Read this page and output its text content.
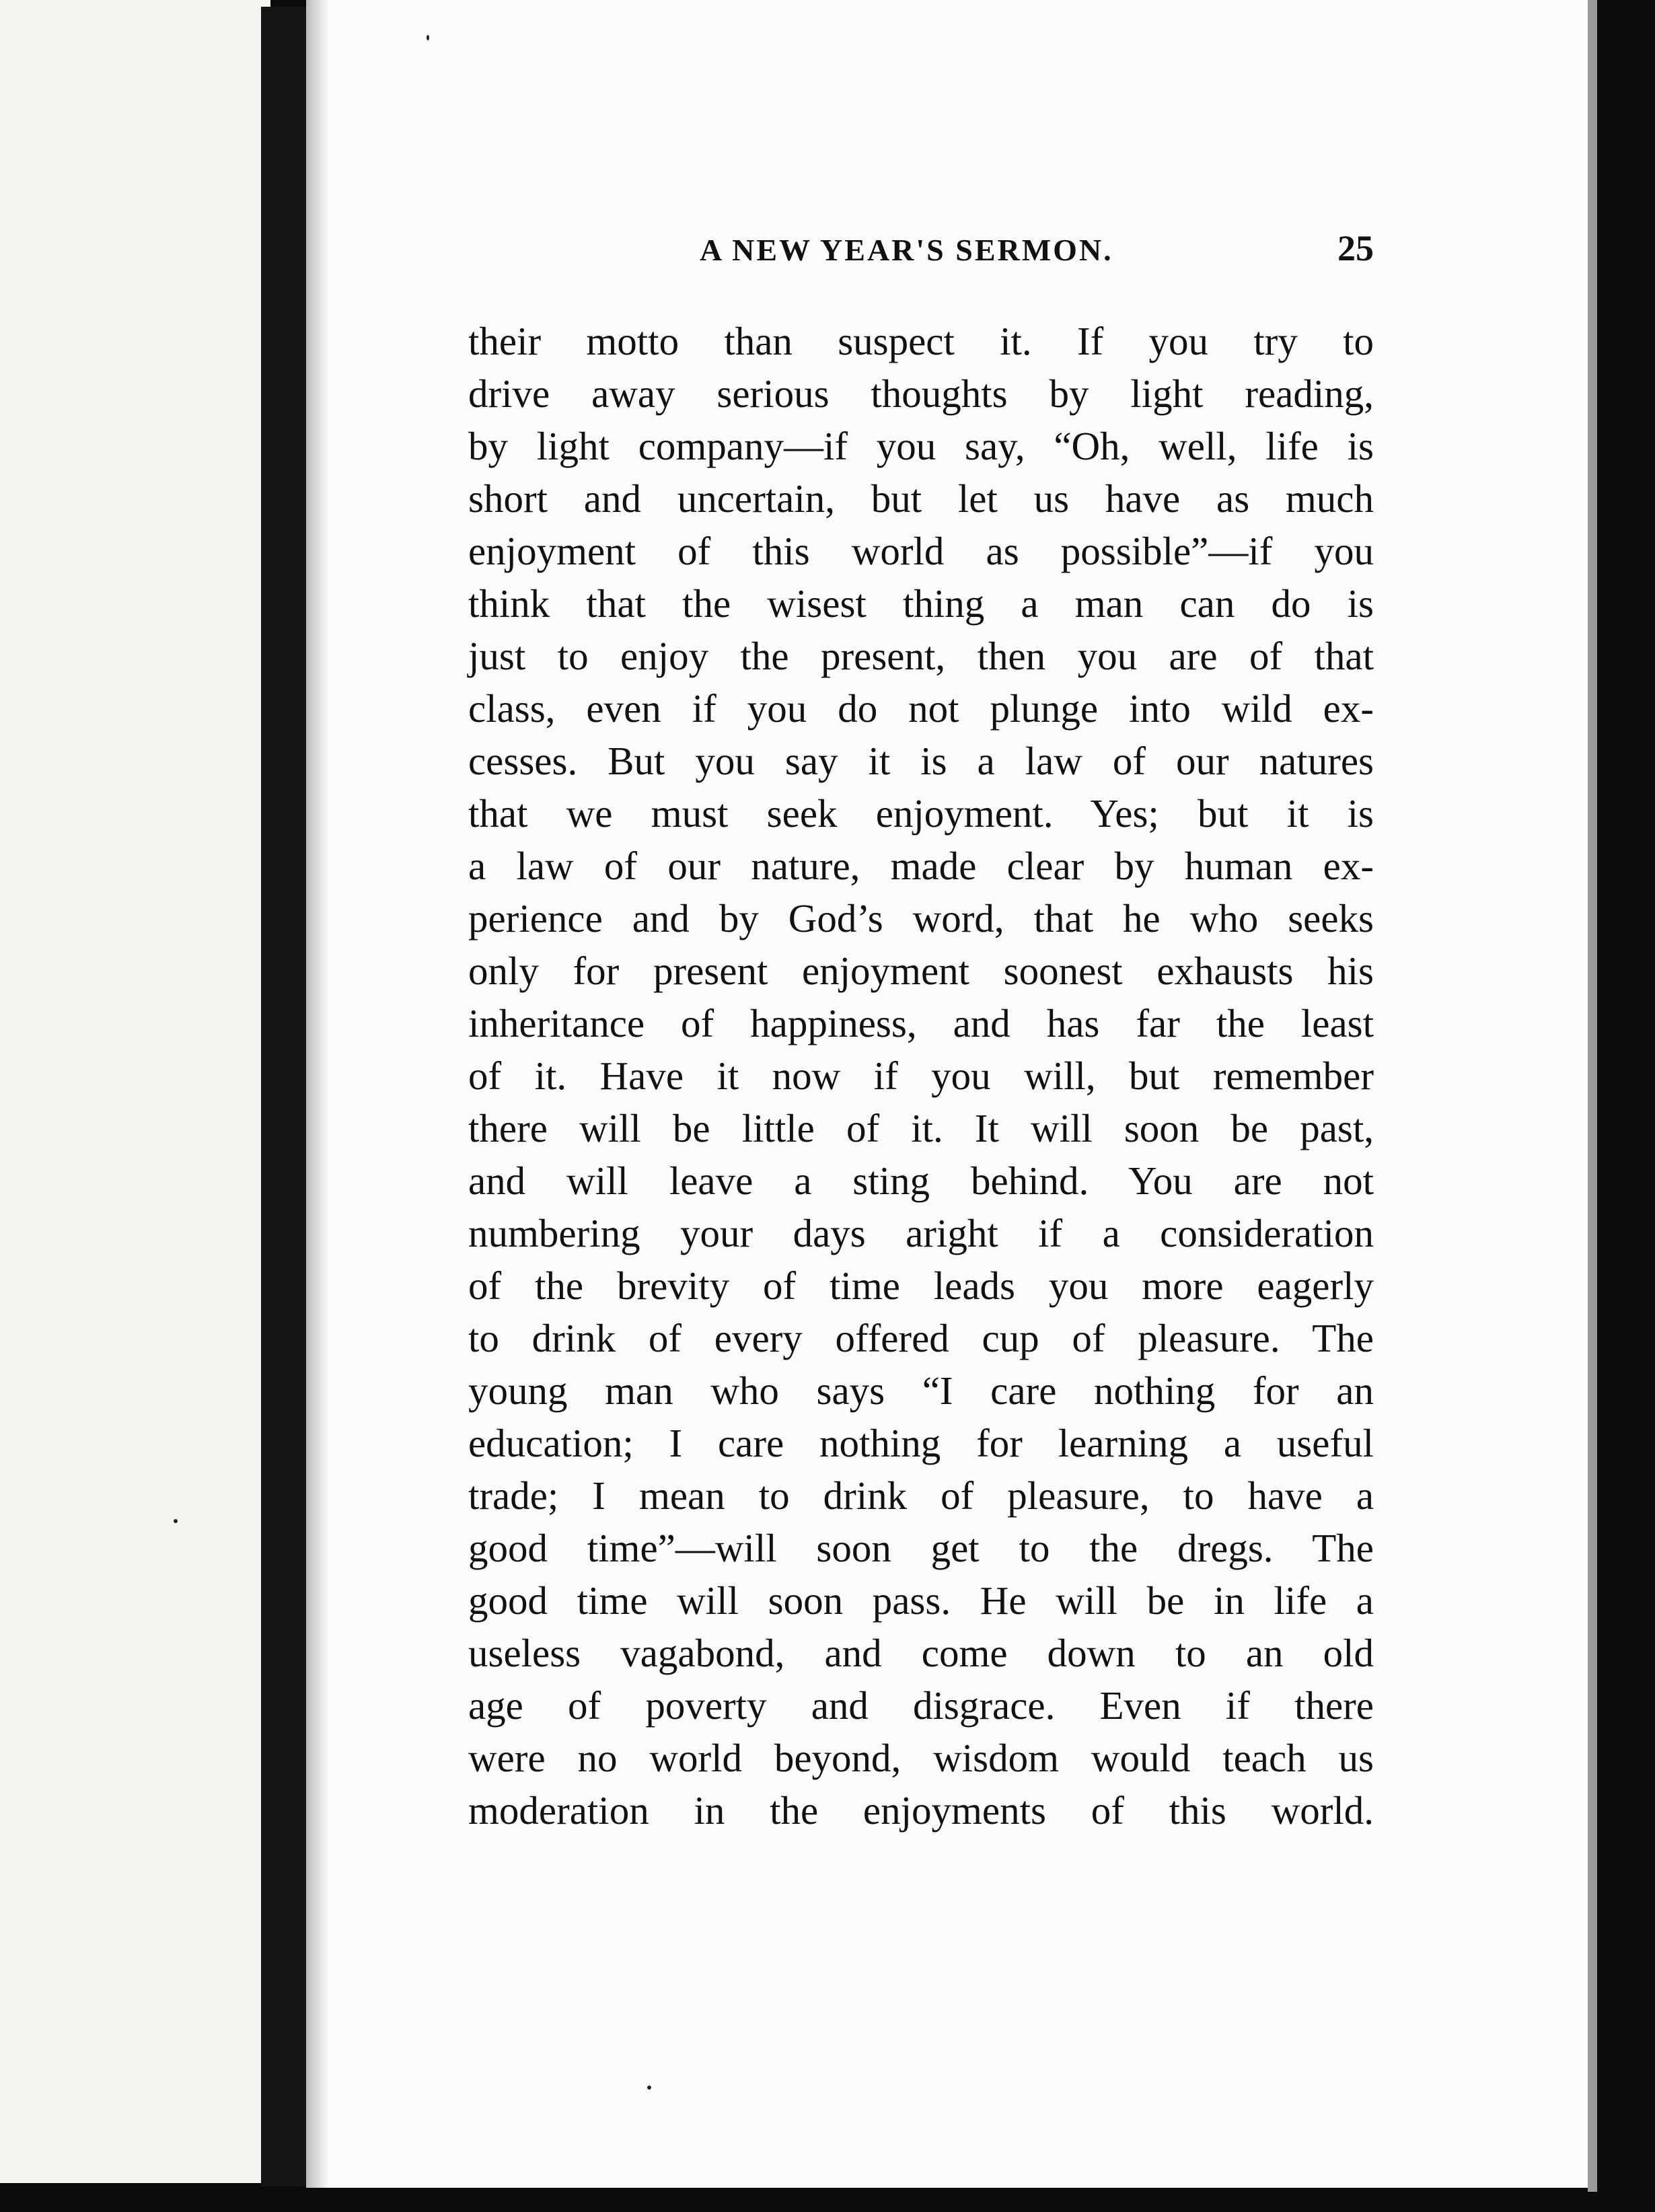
A NEW YEAR'S SERMON.	25
their motto than suspect it. If you try to
drive away serious thoughts by light reading,
by light company—if you say, “Oh, well, life is
short and uncertain, but let us have as much
enjoyment of this world as possible”—if you
think that the wisest thing a man can do is
just to enjoy the present, then you are of that
class, even if you do not plunge into wild ex-
cesses. But you say it is a law of our natures
that we must seek enjoyment. Yes; but it is
a law of our nature, made clear by human ex-
perience and by God’s word, that he who seeks
only for present enjoyment soonest exhausts his
inheritance of happiness, and has far the least
of it. Have it now if you will, but remember
there will be little of it. It will soon be past,
and will leave a sting behind. You are not
numbering your days aright if a consideration
of the brevity of time leads you more eagerly
to drink of every offered cup of pleasure. The
young man who says “I care nothing for an
education; I care nothing for learning a useful
trade; I mean to drink of pleasure, to have a
good time”—will soon get to the dregs. The
good time will soon pass. He will be in life a
useless vagabond, and come down to an old
age of poverty and disgrace. Even if there
were no world beyond, wisdom would teach us
moderation in the enjoyments of this world.
